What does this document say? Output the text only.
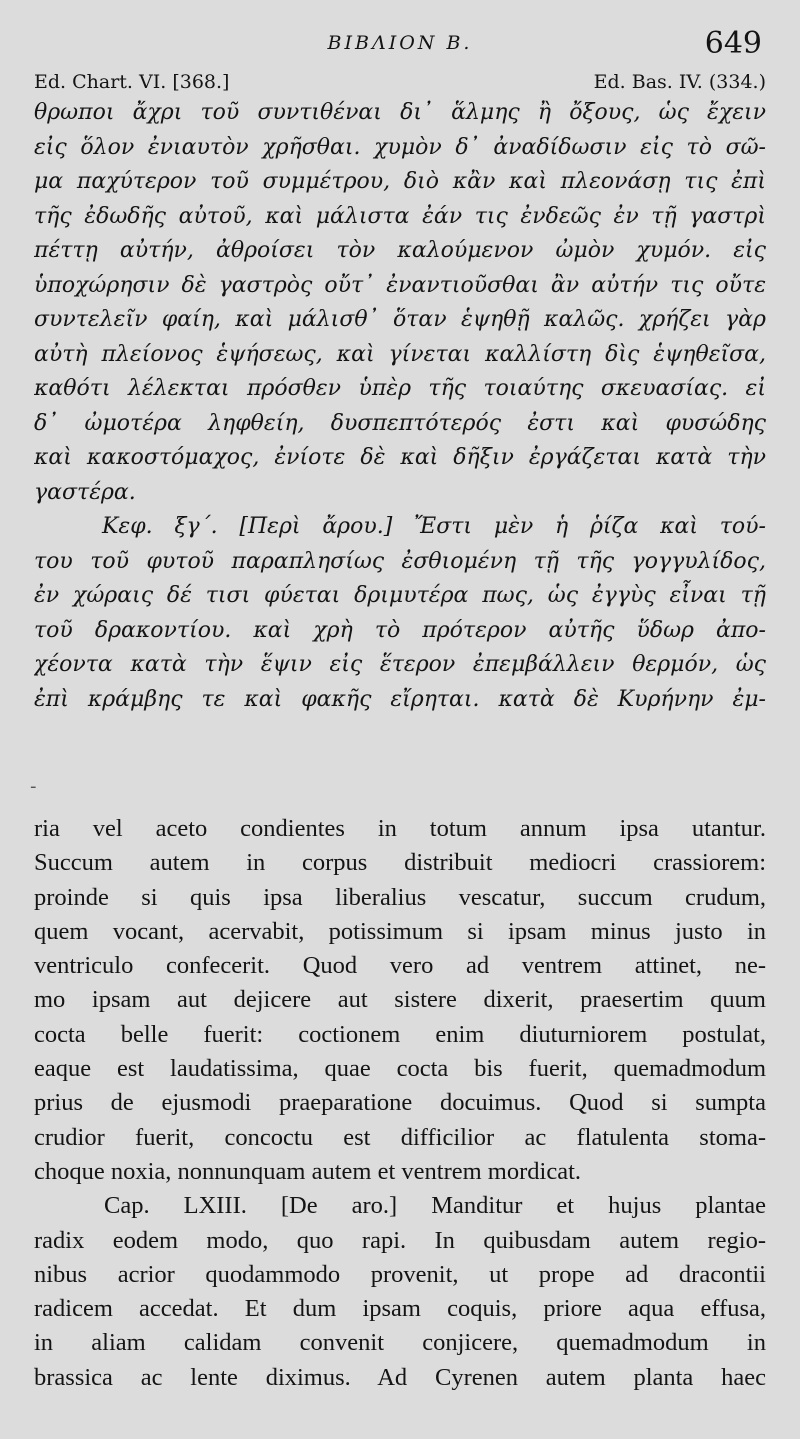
ΒΙΒΛΙΟΝ Β.	649
Ed. Chart. VI. [368.]	Ed. Bas. IV. (334.)
θρωποι ἄχρι τοῦ συντιθέναι δι᾽ ἅλμης ἢ ὄξους, ὡς ἔχειν
εἰς ὅλον ἐνιαυτὸν χρῆσθαι. χυμὸν δ᾽ ἀναδίδωσιν εἰς τὸ σῶ-
μα παχύτερον τοῦ συμμέτρου, διὸ κἂν καὶ πλεονάσῃ τις ἐπὶ
τῆς ἐδωδῆς αὐτοῦ, καὶ μάλιστα ἐάν τις ἐνδεῶς ἐν τῇ γαστρὶ
πέττῃ αὐτήν, ἀθροίσει τὸν καλούμενον ὠμὸν χυμόν. εἰς
ὑποχώρησιν δὲ γαστρὸς οὔτ᾽ ἐναντιοῦσθαι ἂν αὐτήν τις οὔτε
συντελεῖν φαίη, καὶ μάλισθ᾽ ὅταν ἑψηθῇ καλῶς. χρήζει γὰρ
αὐτὴ πλείονος ἑψήσεως, καὶ γίνεται καλλίστη δὶς ἑψηθεῖσα,
καθότι λέλεκται πρόσθεν ὑπὲρ τῆς τοιαύτης σκευασίας. εἰ
δ᾽ ὠμοτέρα ληφθείη, δυσπεπτότερός ἐστι καὶ φυσώδης
καὶ κακοστόμαχος, ἐνίοτε δὲ καὶ δῆξιν ἐργάζεται κατὰ τὴν
γαστέρα.
Κεφ. ξγ΄. [Περὶ ἄρου.] Ἔστι μὲν ἡ ῥίζα καὶ τού-
του τοῦ φυτοῦ παραπλησίως ἐσθιομένη τῇ τῆς γογγυλίδος,
ἐν χώραις δέ τισι φύεται δριμυτέρα πως, ὡς ἐγγὺς εἶναι τῇ
τοῦ δρακοντίου. καὶ χρὴ τὸ πρότερον αὐτῆς ὕδωρ ἀπο-
χέοντα κατὰ τὴν ἕψιν εἰς ἕτερον ἐπεμβάλλειν θερμόν, ὡς
ἐπὶ κράμβης τε καὶ φακῆς εἴρηται. κατὰ δὲ Κυρήνην ἐμ-
-
ria vel aceto condientes in totum annum ipsa utantur.
Succum autem in corpus distribuit mediocri crassiorem:
proinde si quis ipsa liberalius vescatur, succum crudum,
quem vocant, acervabit, potissimum si ipsam minus justo in
ventriculo confecerit. Quod vero ad ventrem attinet, ne-
mo ipsam aut dejicere aut sistere dixerit, praesertim quum
cocta belle fuerit: coctionem enim diuturniorem postulat,
eaque est laudatissima, quae cocta bis fuerit, quemadmodum
prius de ejusmodi praeparatione docuimus. Quod si sumpta
crudior fuerit, concoctu est difficilior ac flatulenta stoma-
choque noxia, nonnunquam autem et ventrem mordicat.
Cap. LXIII. [De aro.] Manditur et hujus plantae
radix eodem modo, quo rapi. In quibusdam autem regio-
nibus acrior quodammodo provenit, ut prope ad dracontii
radicem accedat. Et dum ipsam coquis, priore aqua effusa,
in aliam calidam convenit conjicere, quemadmodum in
brassica ac lente diximus. Ad Cyrenen autem planta haec
